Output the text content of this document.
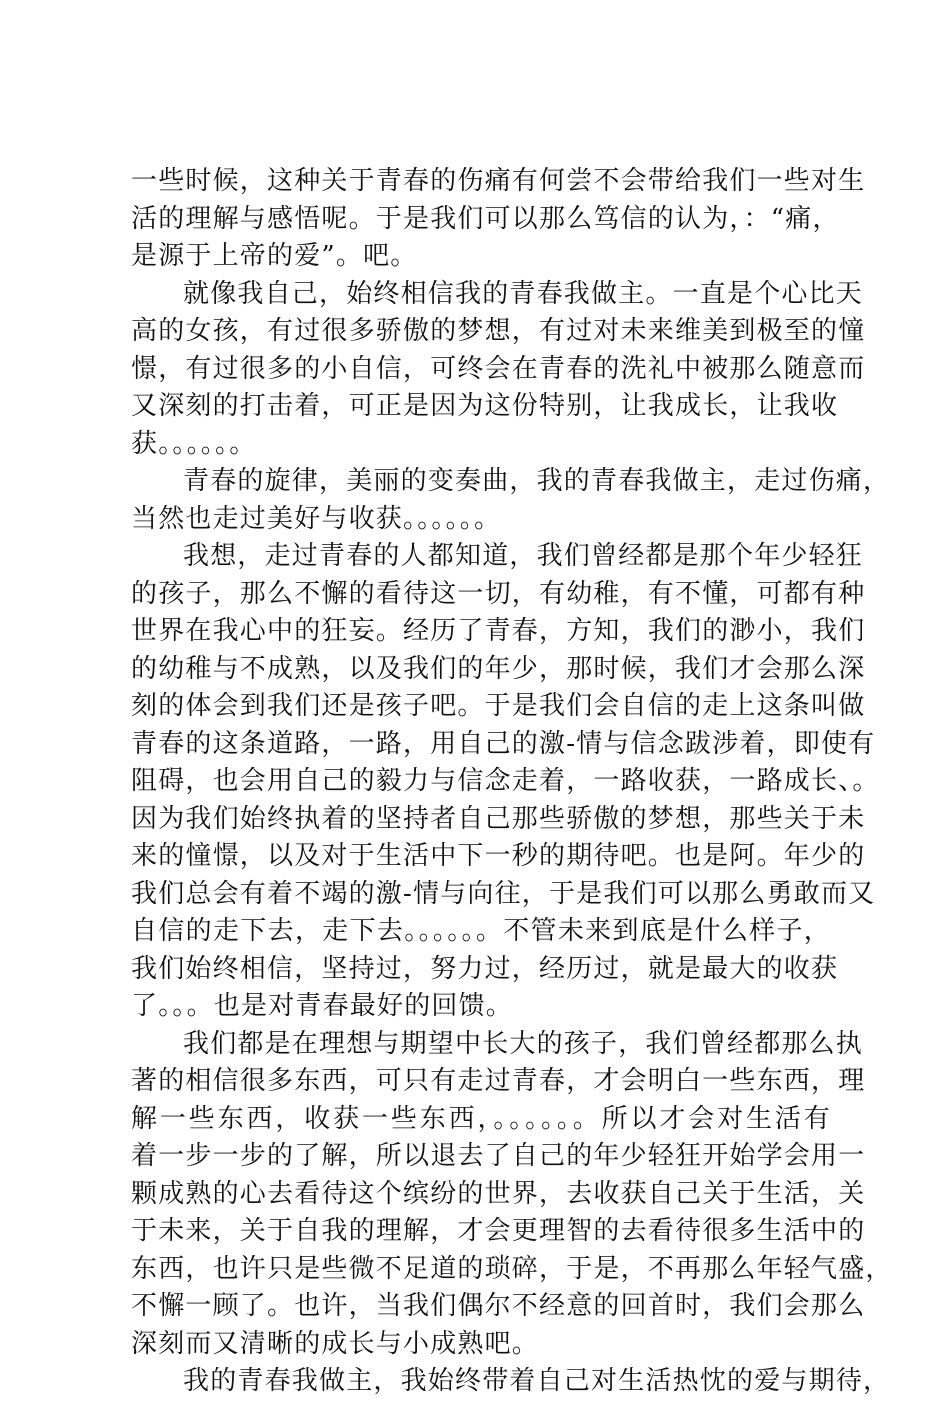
一些时候，这种关于青春的伤痛有何尝不会带给我们一些对生
活的理解与感悟呢。于是我们可以那么笃信的认为，：“痛，
是源于上帝的爱”。吧。
就像我自己，始终相信我的青春我做主。一直是个心比天
高的女孩，有过很多骄傲的梦想，有过对未来维美到极至的憧
憬，有过很多的小自信，可终会在青春的洗礼中被那么随意而
又深刻的打击着，可正是因为这份特别，让我成长，让我收
获。。。。。。
青春的旋律，美丽的变奏曲，我的青春我做主，走过伤痛，
当然也走过美好与收获。。。。。。
我想，走过青春的人都知道，我们曾经都是那个年少轻狂
的孩子，那么不懈的看待这一切，有幼稚，有不懂，可都有种
世界在我心中的狂妄。经历了青春，方知，我们的渺小，我们
的幼稚与不成熟，以及我们的年少，那时候，我们才会那么深
刻的体会到我们还是孩子吧。于是我们会自信的走上这条叫做
青春的这条道路，一路，用自己的激-情与信念跋涉着，即使有
阻碍，也会用自己的毅力与信念走着，一路收获，一路成长、。
因为我们始终执着的坚持者自己那些骄傲的梦想，那些关于未
来的憧憬，以及对于生活中下一秒的期待吧。也是阿。年少的
我们总会有着不竭的激-情与向往，于是我们可以那么勇敢而又
自信的走下去，走下去。。。。。。不管未来到底是什么样子，
我们始终相信，坚持过，努力过，经历过，就是最大的收获
了。。。也是对青春最好的回馈。
我们都是在理想与期望中长大的孩子，我们曾经都那么执
著的相信很多东西，可只有走过青春，才会明白一些东西，理
解一些东西，收获一些东西，。。。。。。所以才会对生活有
着一步一步的了解，所以退去了自己的年少轻狂开始学会用一
颗成熟的心去看待这个缤纷的世界，去收获自己关于生活，关
于未来，关于自我的理解，才会更理智的去看待很多生活中的
东西，也许只是些微不足道的琐碎，于是，不再那么年轻气盛，
不懈一顾了。也许，当我们偶尔不经意的回首时，我们会那么
深刻而又清晰的成长与小成熟吧。
我的青春我做主，我始终带着自己对生活热忱的爱与期待，
